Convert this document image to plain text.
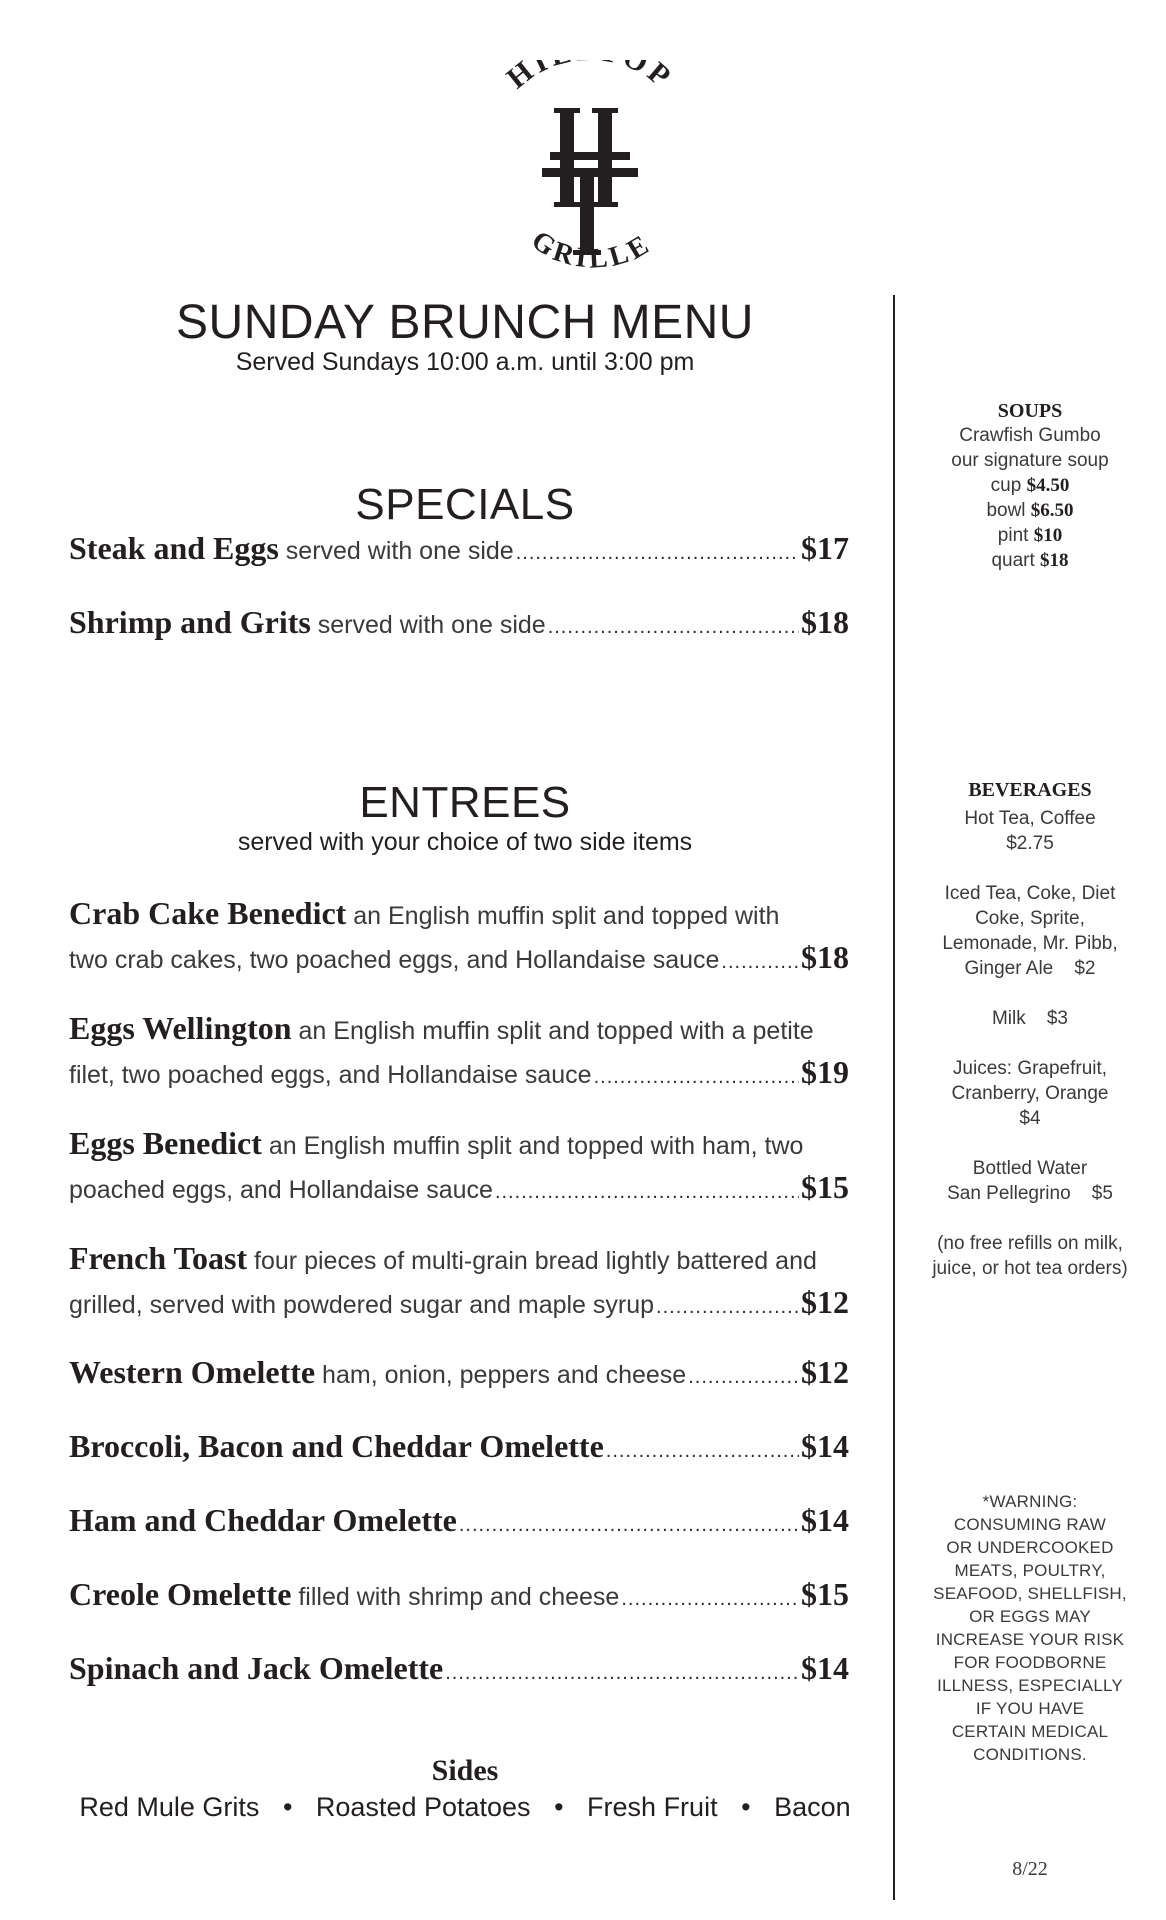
HI OP
GRILLE
SUNDAY BRUNCH MENU
Served Sundays 10:00 a.m. until 3:00 pm
SPECIALS
Steak and Eggs served with one side .....	$17
Shrimp and Grits served with one side .....	$18
ENTREES
served with your choice of two side items
Crab Cake Benedict an English muffin split and topped with
two crab cakes, two poached eggs, and Hollandaise sauce .....	$18
Eggs Wellington an English muffin split and topped with a petite
filet, two poached eggs, and Hollandaise sauce .....	$19
Eggs Benedict an English muffin split and topped with ham, two
poached eggs, and Hollandaise sauce .....	$15
French Toast four pieces of multi-grain bread lightly battered and
grilled, served with powdered sugar and maple syrup .....	$12
Western Omelette ham, onion, peppers and cheese .....	$12
Broccoli, Bacon and Cheddar Omelette .....	$14
Ham and Cheddar Omelette .....	$14
Creole Omelette filled with shrimp and cheese .....	$15
Spinach and Jack Omelette .....	$14
Sides
Red Mule Grits • Roasted Potatoes • Fresh Fruit • Bacon
SOUPS
Crawfish Gumbo
our signature soup
cup $4.50
bowl $6.50
pint $10
quart $18
BEVERAGES
Hot Tea, Coffee
$2.75
Iced Tea, Coke, Diet
Coke, Sprite,
Lemonade, Mr. Pibb,
Ginger Ale    $2
Milk    $3
Juices: Grapefruit,
Cranberry, Orange
$4
Bottled Water
San Pellegrino    $5
(no free refills on milk,
juice, or hot tea orders)
*WARNING:
CONSUMING RAW
OR UNDERCOOKED
MEATS, POULTRY,
SEAFOOD, SHELLFISH,
OR EGGS MAY
INCREASE YOUR RISK
FOR FOODBORNE
ILLNESS, ESPECIALLY
IF YOU HAVE
CERTAIN MEDICAL
CONDITIONS.
8/22
